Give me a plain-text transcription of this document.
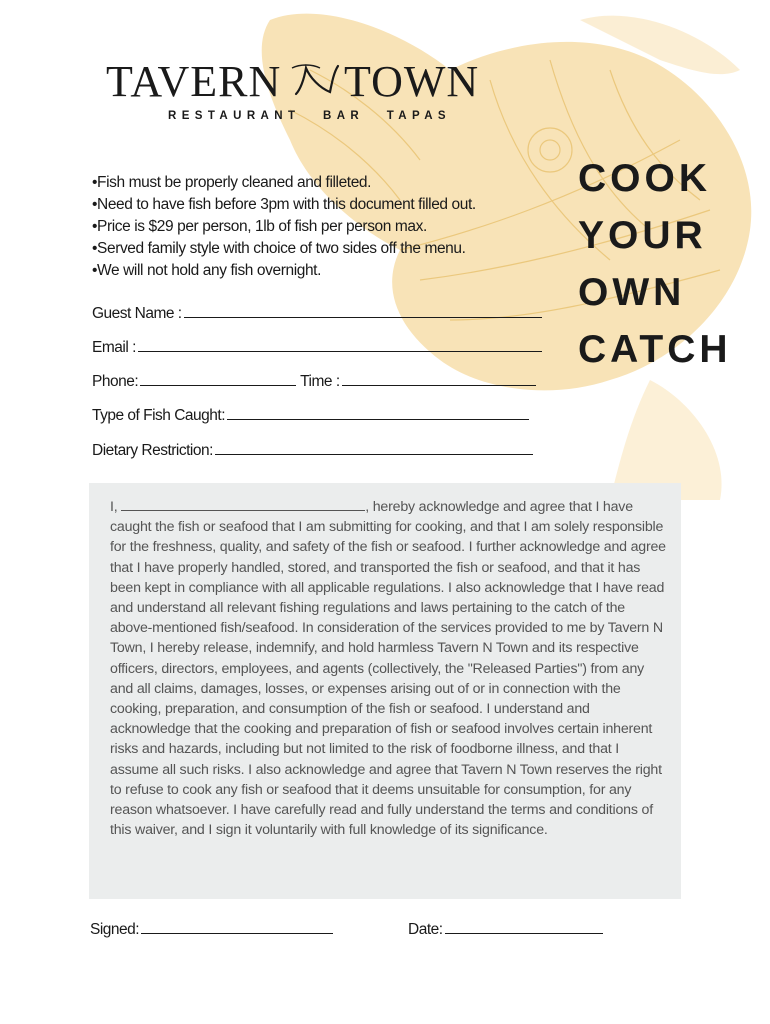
TAVERN TOWN
RESTAURANT BAR TAPAS
• Fish must be properly cleaned and filleted.
• Need to have fish before 3pm with this document filled out.
• Price is $29 per person, 1lb of fish per person max.
• Served family style with choice of two sides off the menu.
• We will not hold any fish overnight.
COOK
YOUR
OWN
CATCH
Guest Name :
Email :
Phone:	Time :
Type of Fish Caught:
Dietary Restriction:

I,	, hereby acknowledge and agree that I have caught the fish or seafood that I am submitting for cooking, and that I am solely responsible for the freshness, quality, and safety of the fish or seafood. I further acknowledge and agree that I have properly handled, stored, and transported the fish or seafood, and that it has been kept in compliance with all applicable regulations. I also acknowledge that I have read and understand all relevant fishing regulations and laws pertaining to the catch of the above-mentioned fish/seafood. In consideration of the services provided to me by Tavern N Town, I hereby release, indemnify, and hold harmless Tavern N Town and its respective officers, directors, employees, and agents (collectively, the "Released Parties") from any and all claims, damages, losses, or expenses arising out of or in connection with the cooking, preparation, and consumption of the fish or seafood. I understand and acknowledge that the cooking and preparation of fish or seafood involves certain inherent risks and hazards, including but not limited to the risk of foodborne illness, and that I assume all such risks. I also acknowledge and agree that Tavern N Town reserves the right to refuse to cook any fish or seafood that it deems unsuitable for consumption, for any reason whatsoever. I have carefully read and fully understand the terms and conditions of this waiver, and I sign it voluntarily with full knowledge of its significance.

Signed:	Date:
